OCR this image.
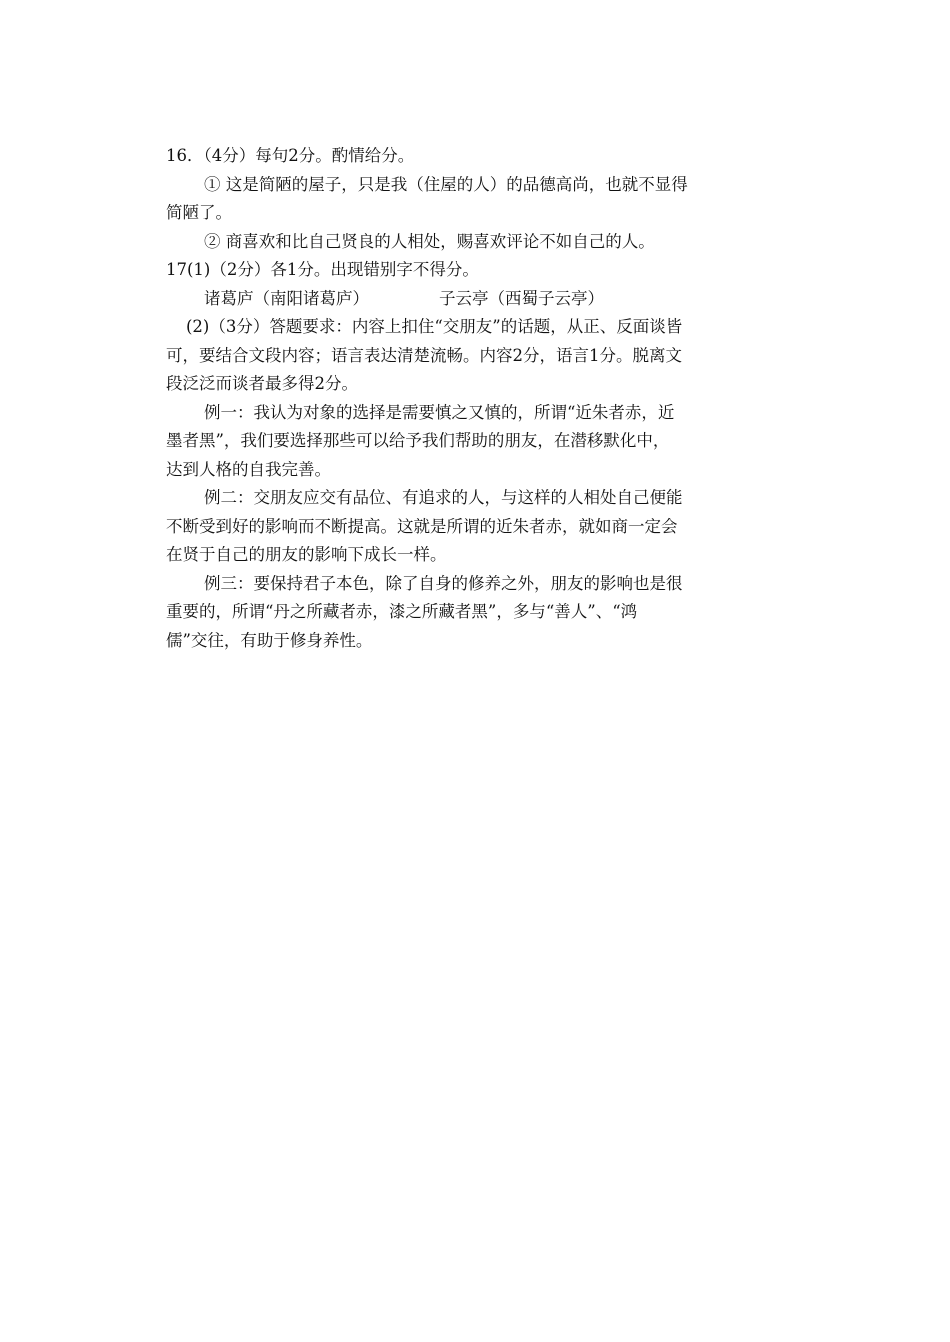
16．（4分）每句2分。酌情给分。
① 这是简陋的屋子，只是我（住屋的人）的品德高尚，也就不显得
简陋了。
② 商喜欢和比自己贤良的人相处，赐喜欢评论不如自己的人。
17(1)（2分）各1分。出现错别字不得分。
诸葛庐（南阳诸葛庐）	子云亭（西蜀子云亭）
(2)（3分）答题要求：内容上扣住“交朋友”的话题，从正、反面谈皆
可，要结合文段内容；语言表达清楚流畅。内容2分，语言1分。脱离文
段泛泛而谈者最多得2分。
例一：我认为对象的选择是需要慎之又慎的，所谓“近朱者赤，近
墨者黑”，我们要选择那些可以给予我们帮助的朋友，在潜移默化中，
达到人格的自我完善。
例二：交朋友应交有品位、有追求的人，与这样的人相处自己便能
不断受到好的影响而不断提高。这就是所谓的近朱者赤，就如商一定会
在贤于自己的朋友的影响下成长一样。
例三：要保持君子本色，除了自身的修养之外，朋友的影响也是很
重要的，所谓“丹之所藏者赤，漆之所藏者黑”，多与“善人”、“鸿
儒”交往，有助于修身养性。
